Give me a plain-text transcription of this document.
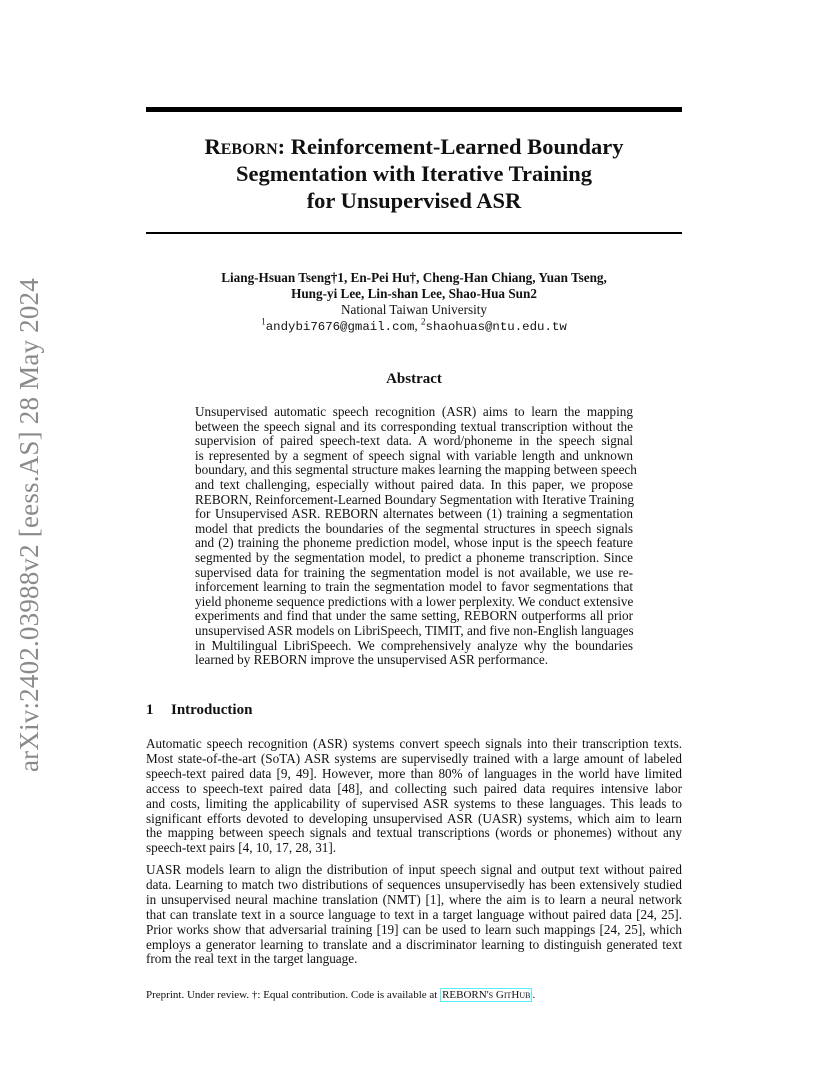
arXiv:2402.03988v2 [eess.AS] 28 May 2024
Reborn: Reinforcement-Learned Boundary
Segmentation with Iterative Training
for Unsupervised ASR
Liang-Hsuan Tseng†1, En-Pei Hu†, Cheng-Han Chiang, Yuan Tseng,
Hung-yi Lee, Lin-shan Lee, Shao-Hua Sun2
National Taiwan University
$^1$andybi7676@gmail.com, $^2$shaohuas@ntu.edu.tw
Abstract
Unsupervised automatic speech recognition (ASR) aims to learn the mapping
between the speech signal and its corresponding textual transcription without the
supervision of paired speech-text data. A word/phoneme in the speech signal
is represented by a segment of speech signal with variable length and unknown
boundary, and this segmental structure makes learning the mapping between speech
and text challenging, especially without paired data. In this paper, we propose
REBORN, Reinforcement-Learned Boundary Segmentation with Iterative Training
for Unsupervised ASR. REBORN alternates between (1) training a segmentation
model that predicts the boundaries of the segmental structures in speech signals
and (2) training the phoneme prediction model, whose input is the speech feature
segmented by the segmentation model, to predict a phoneme transcription. Since
supervised data for training the segmentation model is not available, we use re-
inforcement learning to train the segmentation model to favor segmentations that
yield phoneme sequence predictions with a lower perplexity. We conduct extensive
experiments and find that under the same setting, REBORN outperforms all prior
unsupervised ASR models on LibriSpeech, TIMIT, and five non-English languages
in Multilingual LibriSpeech. We comprehensively analyze why the boundaries
learned by REBORN improve the unsupervised ASR performance.
1 Introduction
Automatic speech recognition (ASR) systems convert speech signals into their transcription texts.
Most state-of-the-art (SoTA) ASR systems are supervisedly trained with a large amount of labeled
speech-text paired data [9, 49]. However, more than 80% of languages in the world have limited
access to speech-text paired data [48], and collecting such paired data requires intensive labor
and costs, limiting the applicability of supervised ASR systems to these languages. This leads to
significant efforts devoted to developing unsupervised ASR (UASR) systems, which aim to learn
the mapping between speech signals and textual transcriptions (words or phonemes) without any
speech-text pairs [4, 10, 17, 28, 31].
UASR models learn to align the distribution of input speech signal and output text without paired
data. Learning to match two distributions of sequences unsupervisedly has been extensively studied
in unsupervised neural machine translation (NMT) [1], where the aim is to learn a neural network
that can translate text in a source language to text in a target language without paired data [24, 25].
Prior works show that adversarial training [19] can be used to learn such mappings [24, 25], which
employs a generator learning to translate and a discriminator learning to distinguish generated text
from the real text in the target language.
Preprint. Under review. †: Equal contribution. Code is available at REBORN's GitHub .
